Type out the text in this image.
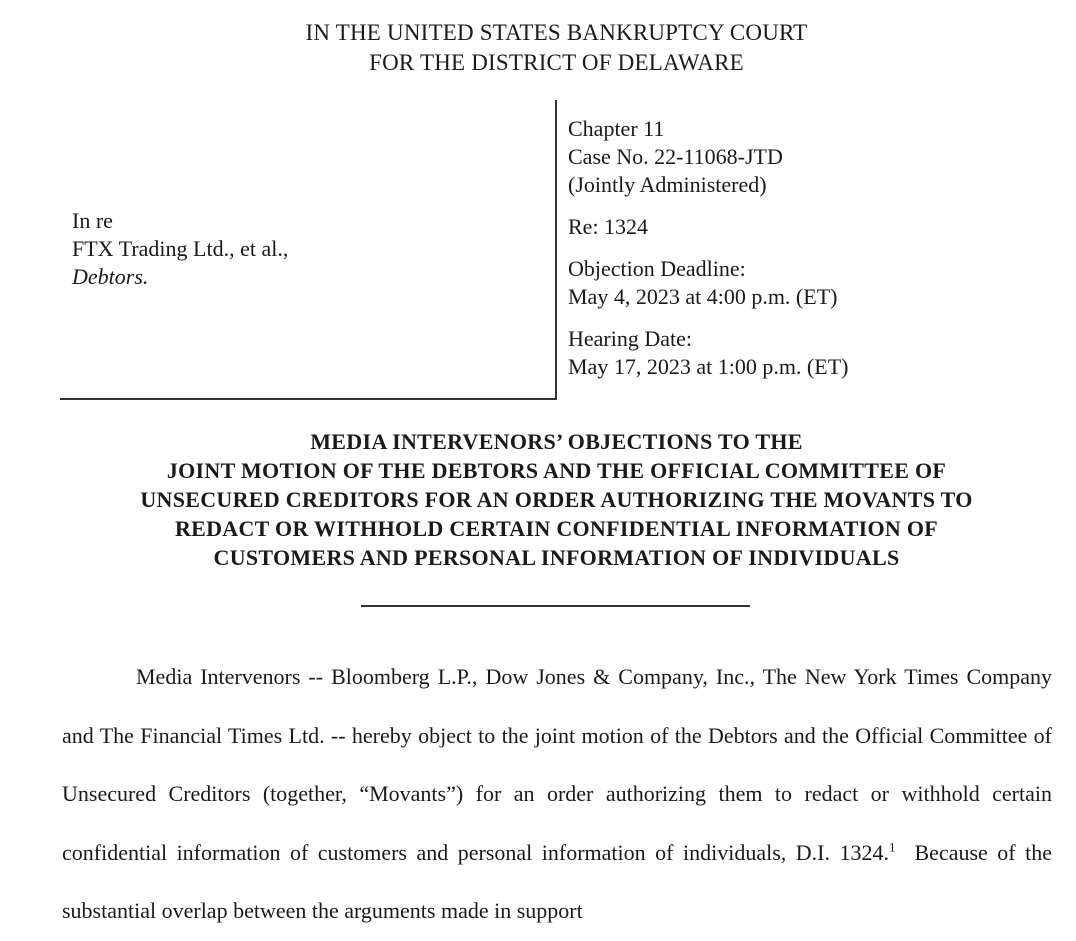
IN THE UNITED STATES BANKRUPTCY COURT
FOR THE DISTRICT OF DELAWARE
In re
FTX Trading Ltd., et al.,
Debtors.
Chapter 11
Case No. 22-11068-JTD
(Jointly Administered)
Re: 1324
Objection Deadline:
May 4, 2023 at 4:00 p.m. (ET)
Hearing Date:
May 17, 2023 at 1:00 p.m. (ET)
MEDIA INTERVENORS’ OBJECTIONS TO THE
JOINT MOTION OF THE DEBTORS AND THE OFFICIAL COMMITTEE OF
UNSECURED CREDITORS FOR AN ORDER AUTHORIZING THE MOVANTS TO
REDACT OR WITHHOLD CERTAIN CONFIDENTIAL INFORMATION OF
CUSTOMERS AND PERSONAL INFORMATION OF INDIVIDUALS
Media Intervenors -- Bloomberg L.P., Dow Jones & Company, Inc., The New York Times Company and The Financial Times Ltd. -- hereby object to the joint motion of the Debtors and the Official Committee of Unsecured Creditors (together, “Movants”) for an order authorizing them to redact or withhold certain confidential information of customers and personal information of individuals, D.I. 1324.$^1$  Because of the substantial overlap between the arguments made in support
